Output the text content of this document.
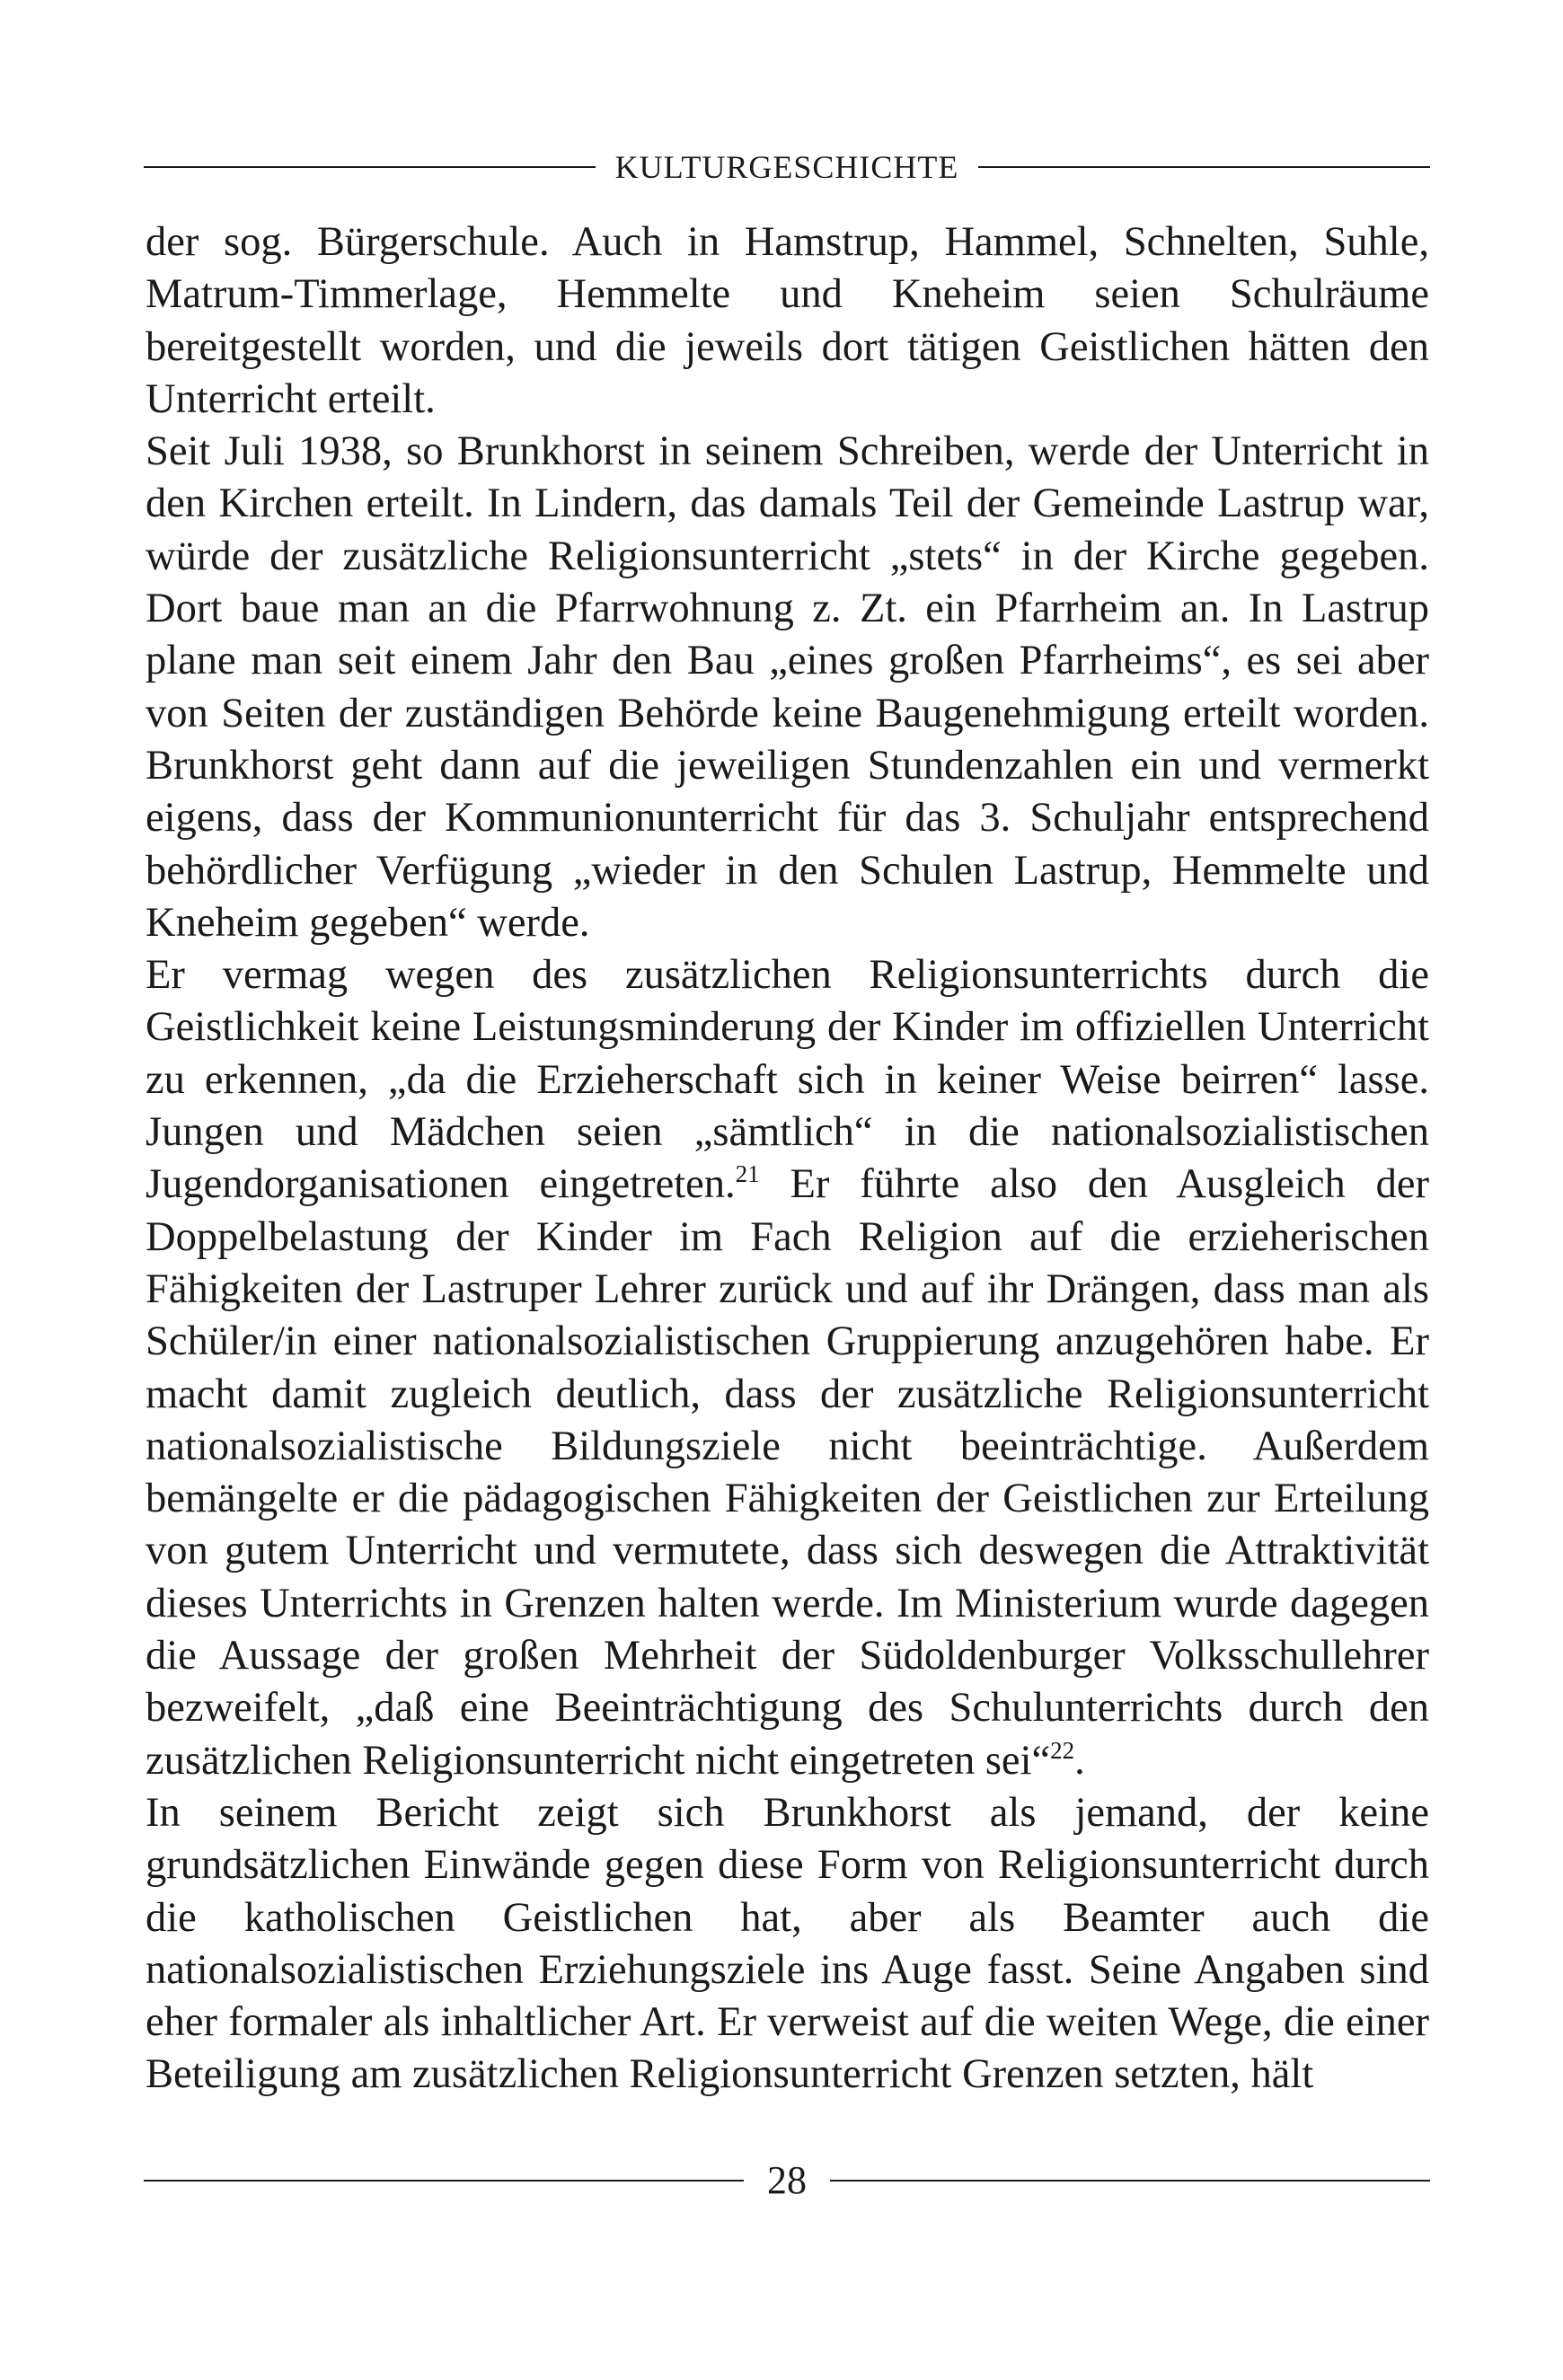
KULTURGESCHICHTE

der sog. Bürgerschule. Auch in Hamstrup, Hammel, Schnelten, Suhle, Matrum-Timmerlage, Hemmelte und Kneheim seien Schulräume bereitgestellt worden, und die jeweils dort tätigen Geistlichen hätten den Unterricht erteilt.

Seit Juli 1938, so Brunkhorst in seinem Schreiben, werde der Unterricht in den Kirchen erteilt. In Lindern, das damals Teil der Gemeinde Lastrup war, würde der zusätzliche Religionsunterricht „stets“ in der Kirche gegeben. Dort baue man an die Pfarrwohnung z. Zt. ein Pfarrheim an. In Lastrup plane man seit einem Jahr den Bau „eines großen Pfarrheims“, es sei aber von Seiten der zuständigen Behörde keine Baugenehmigung erteilt worden. Brunkhorst geht dann auf die jeweiligen Stundenzahlen ein und vermerkt eigens, dass der Kommunionunterricht für das 3. Schuljahr entsprechend behördlicher Verfügung „wieder in den Schulen Lastrup, Hemmelte und Kneheim gegeben“ werde.

Er vermag wegen des zusätzlichen Religionsunterrichts durch die Geistlichkeit keine Leistungsminderung der Kinder im offiziellen Unterricht zu erkennen, „da die Erzieherschaft sich in keiner Weise beirren“ lasse. Jungen und Mädchen seien „sämtlich“ in die nationalsozialistischen Jugendorganisationen eingetreten.$^{21}$ Er führte also den Ausgleich der Doppelbelastung der Kinder im Fach Religion auf die erzieherischen Fähigkeiten der Lastruper Lehrer zurück und auf ihr Drängen, dass man als Schüler/in einer nationalsozialistischen Gruppierung anzugehören habe. Er macht damit zugleich deutlich, dass der zusätzliche Religionsunterricht nationalsozialistische Bildungsziele nicht beeinträchtige. Außerdem bemängelte er die pädagogischen Fähigkeiten der Geistlichen zur Erteilung von gutem Unterricht und vermutete, dass sich deswegen die Attraktivität dieses Unterrichts in Grenzen halten werde. Im Ministerium wurde dagegen die Aussage der großen Mehrheit der Südoldenburger Volksschullehrer bezweifelt, „daß eine Beeinträchtigung des Schulunterrichts durch den zusätzlichen Religionsunterricht nicht eingetreten sei“$^{22}$.

In seinem Bericht zeigt sich Brunkhorst als jemand, der keine grundsätzlichen Einwände gegen diese Form von Religionsunterricht durch die katholischen Geistlichen hat, aber als Beamter auch die nationalsozialistischen Erziehungsziele ins Auge fasst. Seine Angaben sind eher formaler als inhaltlicher Art. Er verweist auf die weiten Wege, die einer Beteiligung am zusätzlichen Religionsunterricht Grenzen setzten, hält

28
